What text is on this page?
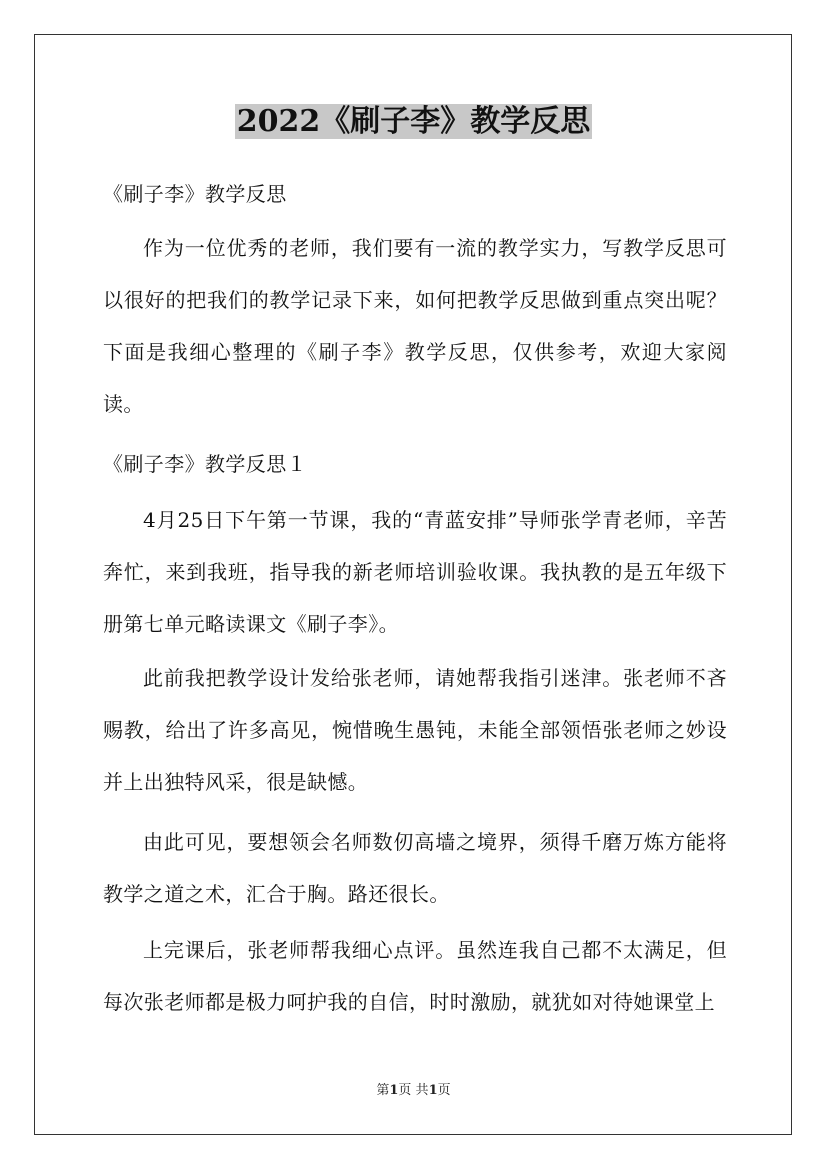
2022《刷子李》教学反思
《刷子李》教学反思
作为一位优秀的老师，我们要有一流的教学实力，写教学反思可以很好的把我们的教学记录下来，如何把教学反思做到重点突出呢？下面是我细心整理的《刷子李》教学反思，仅供参考，欢迎大家阅读。
《刷子李》教学反思１
4月25日下午第一节课，我的“青蓝安排”导师张学青老师，辛苦奔忙，来到我班，指导我的新老师培训验收课。我执教的是五年级下册第七单元略读课文《刷子李》。
此前我把教学设计发给张老师，请她帮我指引迷津。张老师不吝赐教，给出了许多高见，惋惜晚生愚钝，未能全部领悟张老师之妙设并上出独特风采，很是缺憾。
由此可见，要想领会名师数仞高墙之境界，须得千磨万炼方能将教学之道之术，汇合于胸。路还很长。
上完课后，张老师帮我细心点评。虽然连我自己都不太满足，但每次张老师都是极力呵护我的自信，时时激励，就犹如对待她课堂上
第1页 共1页
